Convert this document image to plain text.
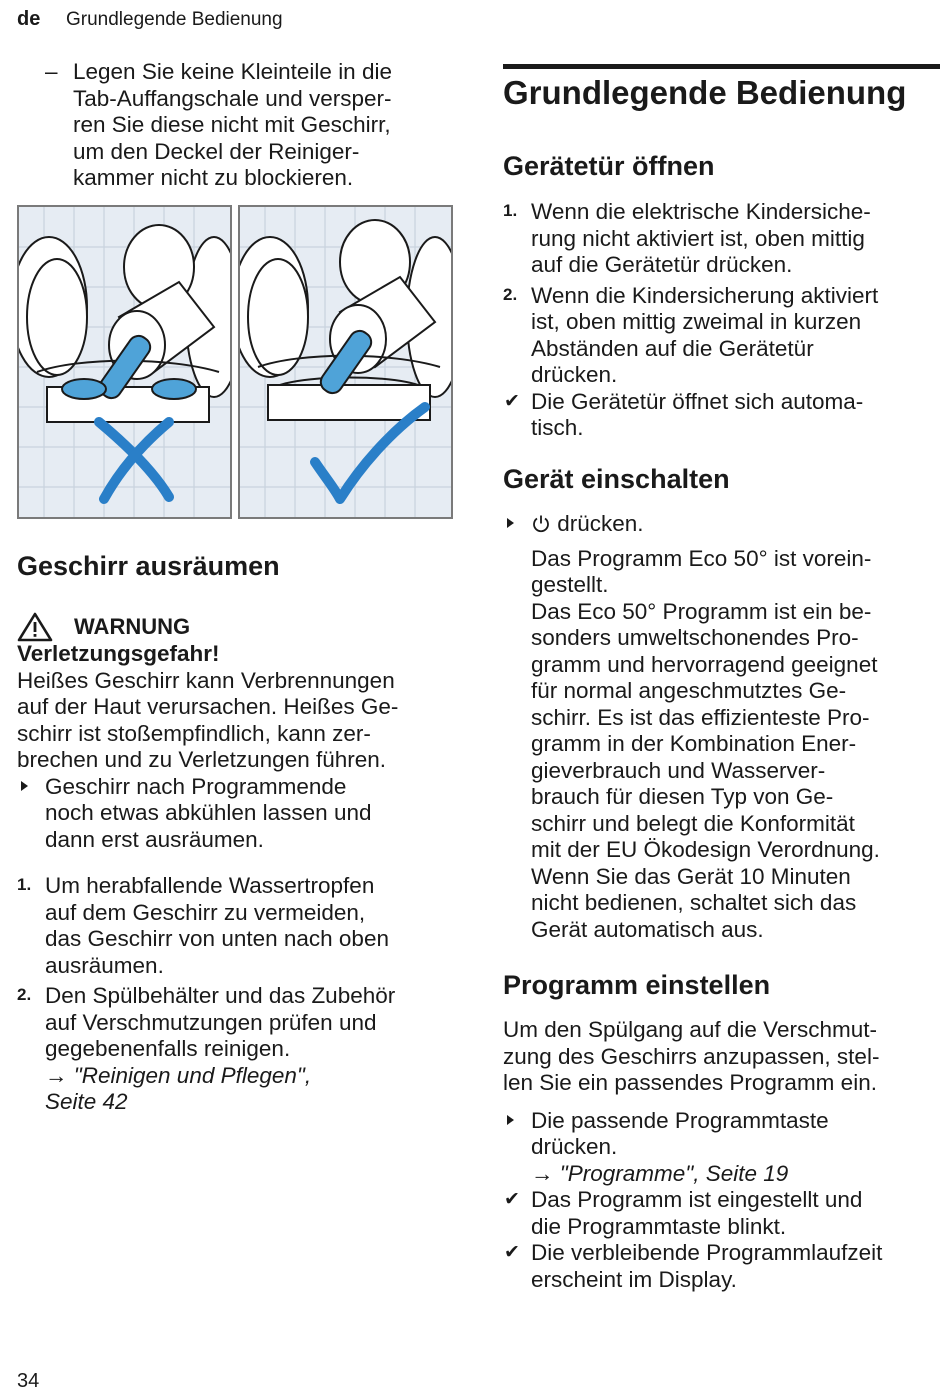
de Grundlegende Bedienung
– Legen Sie keine Kleinteile in die

Tab-Auffangschale und versper-

ren Sie diese nicht mit Geschirr,

um den Deckel der Reiniger-

kammer nicht zu blockieren.

Geschirr ausräumen
WARNUNG

Verletzungsgefahr!

Heißes Geschirr kann Verbrennungen

auf der Haut verursachen. Heißes Ge-

schirr ist stoßempfindlich, kann zer-

brechen und zu Verletzungen führen.

Geschirr nach Programmende

noch etwas abkühlen lassen und

dann erst ausräumen.

1. Um herabfallende Wassertropfen

auf dem Geschirr zu vermeiden,

das Geschirr von unten nach oben

ausräumen.

2. Den Spülbehälter und das Zubehör

auf Verschmutzungen prüfen und

gegebenenfalls reinigen.

→ "Reinigen und Pflegen",

Seite 42

Grundlegende Bedienung
Gerätetür öffnen
1. Wenn die elektrische Kindersiche-

rung nicht aktiviert ist, oben mittig

auf die Gerätetür drücken.

2. Wenn die Kindersicherung aktiviert

ist, oben mittig zweimal in kurzen

Abständen auf die Gerätetür

drücken.

✔ Die Gerätetür öffnet sich automa-

tisch.

Gerät einschalten

drücken.

Das Programm Eco 50° ist vorein-

gestellt.

Das Eco 50° Programm ist ein be-

sonders umweltschonendes Pro-

gramm und hervorragend geeignet

für normal angeschmutztes Ge-

schirr. Es ist das effizienteste Pro-

gramm in der Kombination Ener-

gieverbrauch und Wasserver-

brauch für diesen Typ von Ge-

schirr und belegt die Konformität

mit der EU Ökodesign Verordnung.

Wenn Sie das Gerät 10 Minuten

nicht bedienen, schaltet sich das

Gerät automatisch aus.

Programm einstellen

Um den Spülgang auf die Verschmut-

zung des Geschirrs anzupassen, stel-

len Sie ein passendes Programm ein.

Die passende Programmtaste

drücken.

→ "Programme", Seite 19

✔ Das Programm ist eingestellt und

die Programmtaste blinkt.

✔ Die verbleibende Programmlaufzeit

erscheint im Display.

34
